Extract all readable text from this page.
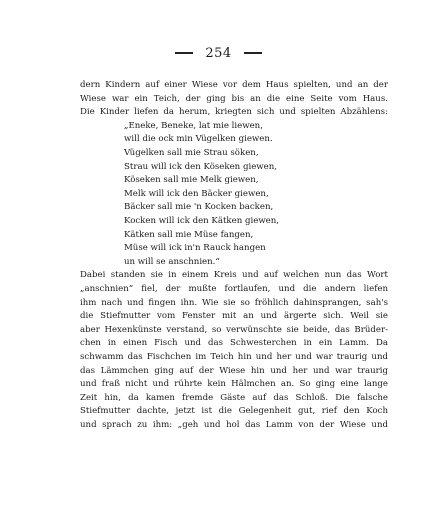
254
dern Kindern auf einer Wiese vor dem Haus spielten, und an der
Wiese war ein Teich, der ging bis an die eine Seite vom Haus.
Die Kinder liefen da herum, kriegten sich und spielten Abzählens:
„Eneke, Beneke, lat mie liewen,
will die ock min Vügelken giewen.
Vügelken sall mie Strau söken,
Strau will ick den Köseken giewen,
Köseken sall mie Melk giewen,
Melk will ick den Bäcker giewen,
Bäcker sall mie 'n Kocken backen,
Kocken will ick den Kätken giewen,
Kätken sall mie Müse fangen,
Müse will ick in'n Rauck hangen
un will se anschnien.“
Dabei standen sie in einem Kreis und auf welchen nun das Wort
„anschnien“ fiel, der mußte fortlaufen, und die andern liefen
ihm nach und fingen ihn. Wie sie so fröhlich dahinsprangen, sah's
die Stiefmutter vom Fenster mit an und ärgerte sich. Weil sie
aber Hexenkünste verstand, so verwünschte sie beide, das Brüder-
chen in einen Fisch und das Schwesterchen in ein Lamm. Da
schwamm das Fischchen im Teich hin und her und war traurig und
das Lämmchen ging auf der Wiese hin und her und war traurig
und fraß nicht und rührte kein Hälmchen an. So ging eine lange
Zeit hin, da kamen fremde Gäste auf das Schloß. Die falsche
Stiefmutter dachte, jetzt ist die Gelegenheit gut, rief den Koch
und sprach zu ihm: „geh und hol das Lamm von der Wiese und
